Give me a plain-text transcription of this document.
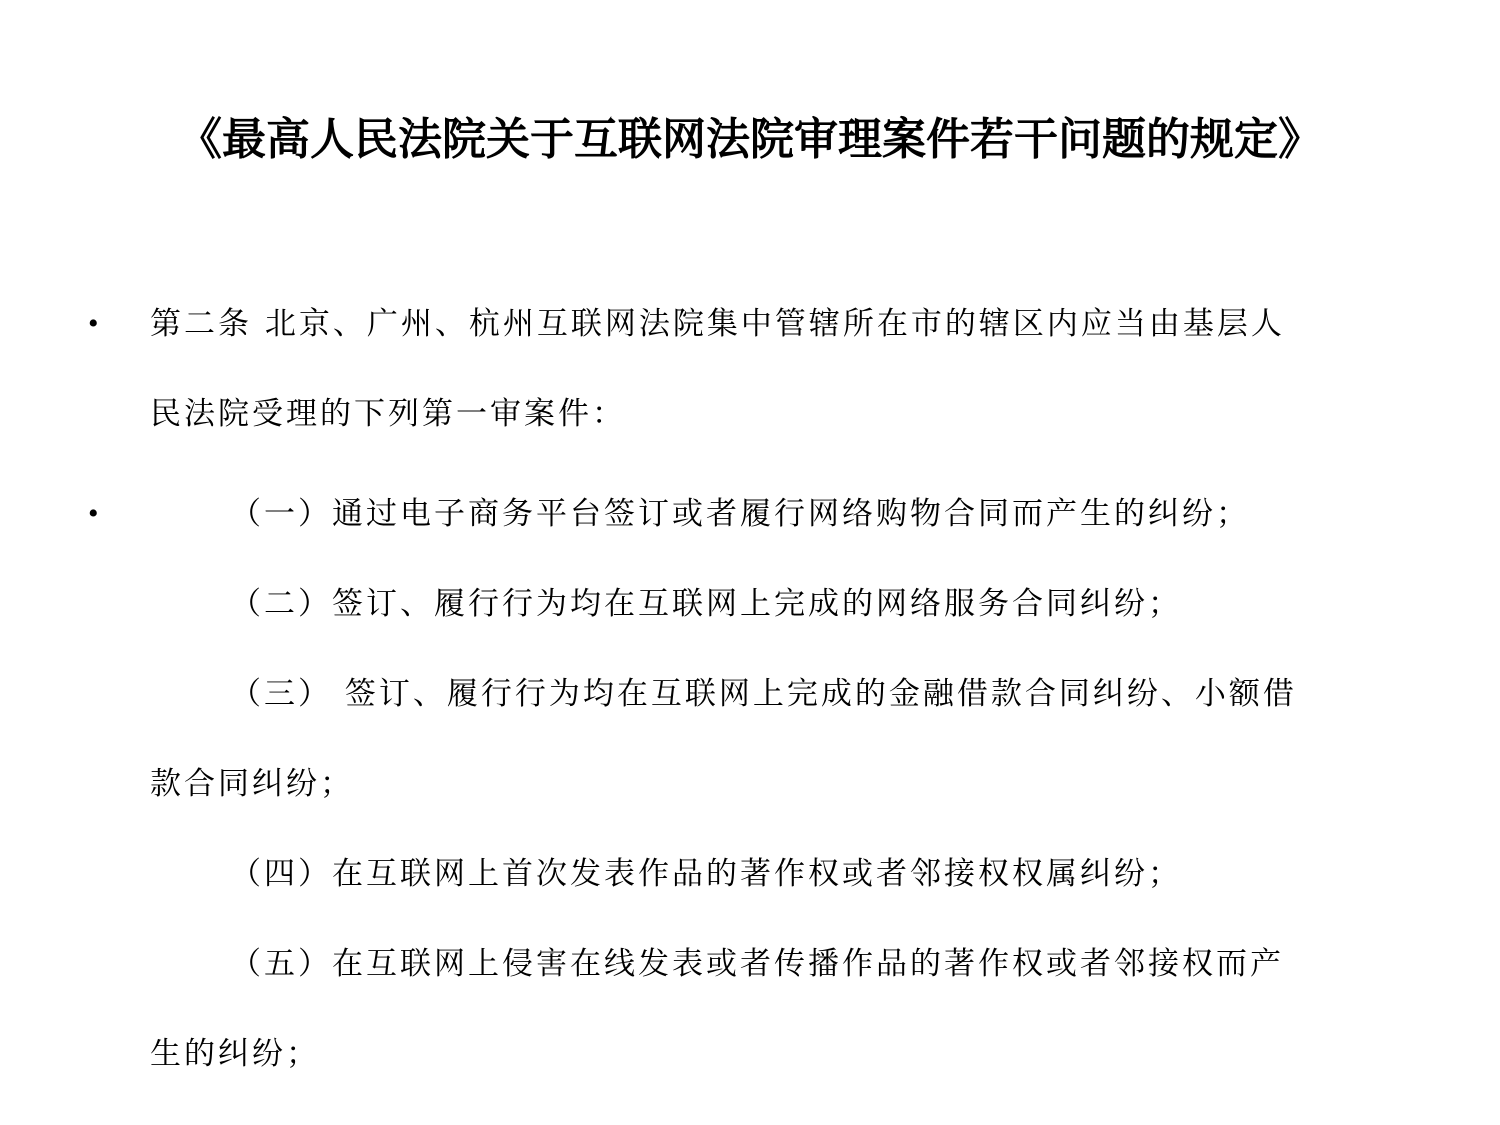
《最高人民法院关于互联网法院审理案件若干问题的规定》
• 第二条 北京、广州、杭州互联网法院集中管辖所在市的辖区内应当由基层人
民法院受理的下列第一审案件：
•	（一）通过电子商务平台签订或者履行网络购物合同而产生的纠纷；
（二）签订、履行行为均在互联网上完成的网络服务合同纠纷；
（三） 签订、履行行为均在互联网上完成的金融借款合同纠纷、小额借
款合同纠纷；
（四）在互联网上首次发表作品的著作权或者邻接权权属纠纷；
（五）在互联网上侵害在线发表或者传播作品的著作权或者邻接权而产
生的纠纷；
